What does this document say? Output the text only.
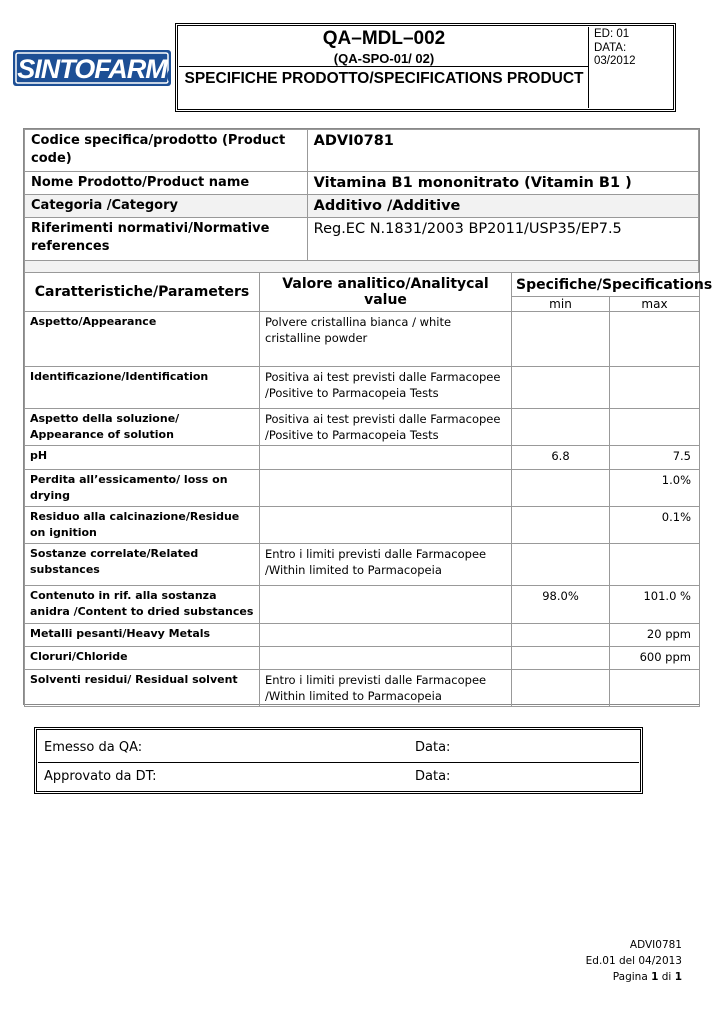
SINTOFARM
QA–MDL–002
(QA-SPO-01/ 02)
SPECIFICHE PRODOTTO/SPECIFICATIONS PRODUCT
ED: 01
DATA:
03/2012
Codice specifica/prodotto (Product code)	ADVI0781
Nome Prodotto/Product name	Vitamina B1 mononitrato (Vitamin B1 )
Categoria /Category	Additivo /Additive
Riferimenti normativi/Normative references	Reg.EC N.1831/2003 BP2011/USP35/EP7.5
Caratteristiche/Parameters	Valore analitico/Analitycal value	Specifiche/Specifications	
		min	max
Aspetto/Appearance	Polvere cristallina bianca / white cristalline powder		
Identificazione/Identification	Positiva ai test previsti dalle Farmacopee /Positive to Parmacopeia Tests		
Aspetto della soluzione/ Appearance of solution	Positiva ai test previsti dalle Farmacopee /Positive to Parmacopeia Tests		
pH		6.8	7.5
Perdita all’essicamento/ loss on drying			1.0%
Residuo alla calcinazione/Residue on ignition			0.1%
Sostanze correlate/Related substances	Entro i limiti previsti dalle Farmacopee /Within limited to Parmacopeia		
Contenuto in rif. alla sostanza anidra /Content to dried substances		98.0%	101.0 %
Metalli pesanti/Heavy Metals			20 ppm
Cloruri/Chloride			600 ppm
Solventi residui/ Residual solvent	Entro i limiti previsti dalle Farmacopee /Within limited to Parmacopeia		
Emesso da QA:	Data:
Approvato da DT:	Data:
ADVI0781
Ed.01 del 04/2013
Pagina 1 di 1
